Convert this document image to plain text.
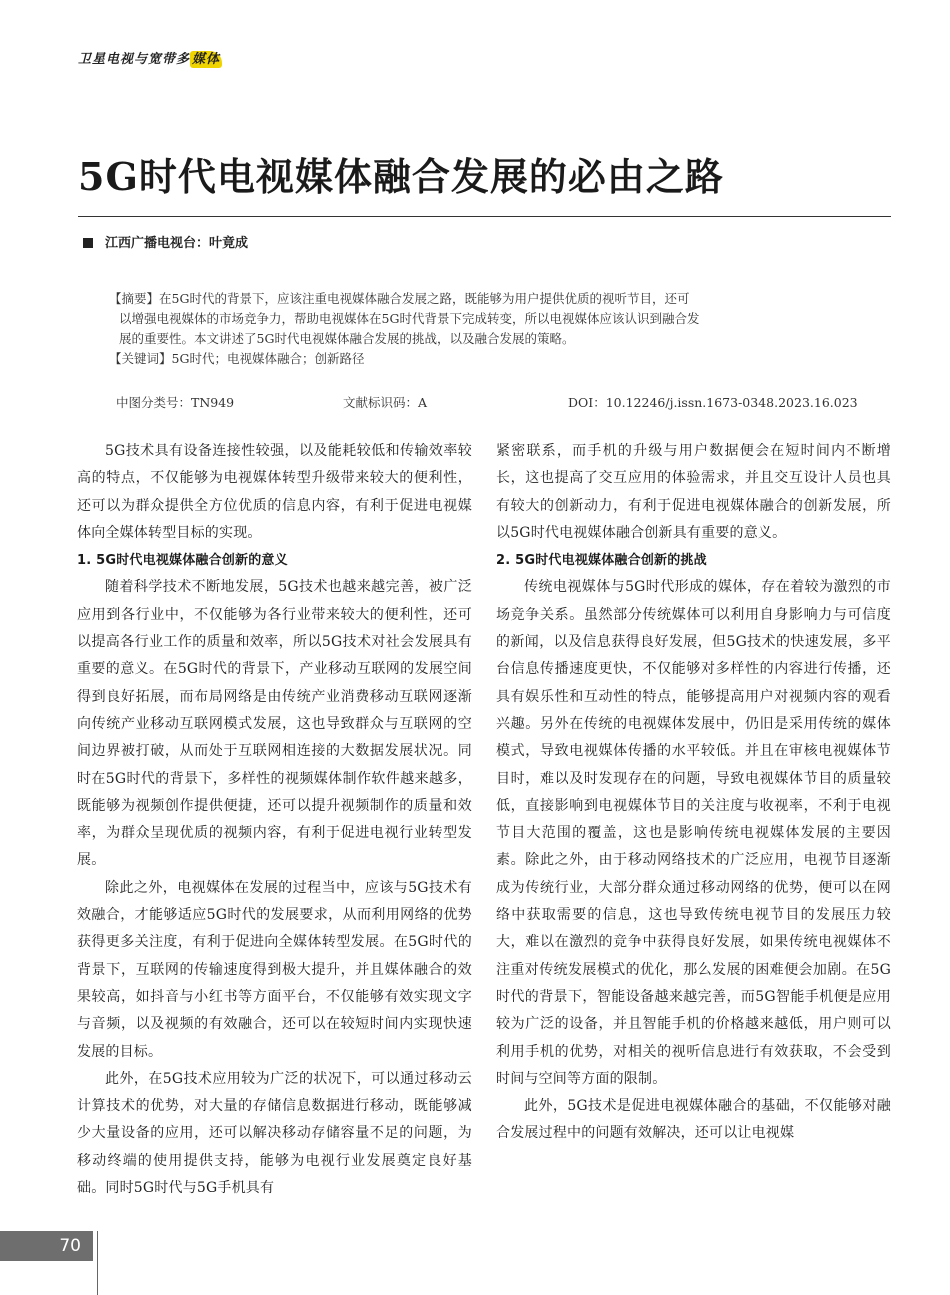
卫星电视与宽带多 媒体
5G时代电视媒体融合发展的必由之路
江西广播电视台：叶竟成

【摘要】在5G时代的背景下，应该注重电视媒体融合发展之路，既能够为用户提供优质的视听节目，还可

以增强电视媒体的市场竞争力，帮助电视媒体在5G时代背景下完成转变，所以电视媒体应该认识到融合发

展的重要性。本文讲述了5G时代电视媒体融合发展的挑战，以及融合发展的策略。

【关键词】5G时代；电视媒体融合；创新路径

中图分类号：TN949	文献标识码：A	DOI：10.12246/j.issn.1673-0348.2023.16.023

5G技术具有设备连接性较强，以及能耗较低和传输效率较高的特点，不仅能够为电视媒体转型升级带来较大的便利性，还可以为群众提供全方位优质的信息内容，有利于促进电视媒体向全媒体转型目标的实现。

1. 5G时代电视媒体融合创新的意义

随着科学技术不断地发展，5G技术也越来越完善，被广泛应用到各行业中，不仅能够为各行业带来较大的便利性，还可以提高各行业工作的质量和效率，所以5G技术对社会发展具有重要的意义。在5G时代的背景下，产业移动互联网的发展空间得到良好拓展，而布局网络是由传统产业消费移动互联网逐渐向传统产业移动互联网模式发展，这也导致群众与互联网的空间边界被打破，从而处于互联网相连接的大数据发展状况。同时在5G时代的背景下，多样性的视频媒体制作软件越来越多，既能够为视频创作提供便捷，还可以提升视频制作的质量和效率，为群众呈现优质的视频内容，有利于促进电视行业转型发展。

除此之外，电视媒体在发展的过程当中，应该与5G技术有效融合，才能够适应5G时代的发展要求，从而利用网络的优势获得更多关注度，有利于促进向全媒体转型发展。在5G时代的背景下，互联网的传输速度得到极大提升，并且媒体融合的效果较高，如抖音与小红书等方面平台，不仅能够有效实现文字与音频，以及视频的有效融合，还可以在较短时间内实现快速发展的目标。

此外，在5G技术应用较为广泛的状况下，可以通过移动云计算技术的优势，对大量的存储信息数据进行移动，既能够减少大量设备的应用，还可以解决移动存储容量不足的问题，为移动终端的使用提供支持，能够为电视行业发展奠定良好基础。同时5G时代与5G手机具有

紧密联系，而手机的升级与用户数据便会在短时间内不断增长，这也提高了交互应用的体验需求，并且交互设计人员也具有较大的创新动力，有利于促进电视媒体融合的创新发展，所以5G时代电视媒体融合创新具有重要的意义。

2. 5G时代电视媒体融合创新的挑战

传统电视媒体与5G时代形成的媒体，存在着较为激烈的市场竞争关系。虽然部分传统媒体可以利用自身影响力与可信度的新闻，以及信息获得良好发展，但5G技术的快速发展，多平台信息传播速度更快，不仅能够对多样性的内容进行传播，还具有娱乐性和互动性的特点，能够提高用户对视频内容的观看兴趣。另外在传统的电视媒体发展中，仍旧是采用传统的媒体模式，导致电视媒体传播的水平较低。并且在审核电视媒体节目时，难以及时发现存在的问题，导致电视媒体节目的质量较低，直接影响到电视媒体节目的关注度与收视率，不利于电视节目大范围的覆盖，这也是影响传统电视媒体发展的主要因素。除此之外，由于移动网络技术的广泛应用，电视节目逐渐成为传统行业，大部分群众通过移动网络的优势，便可以在网络中获取需要的信息，这也导致传统电视节目的发展压力较大，难以在激烈的竞争中获得良好发展，如果传统电视媒体不注重对传统发展模式的优化，那么发展的困难便会加剧。在5G时代的背景下，智能设备越来越完善，而5G智能手机便是应用较为广泛的设备，并且智能手机的价格越来越低，用户则可以利用手机的优势，对相关的视听信息进行有效获取，不会受到时间与空间等方面的限制。

此外，5G技术是促进电视媒体融合的基础，不仅能够对融合发展过程中的问题有效解决，还可以让电视媒

70
